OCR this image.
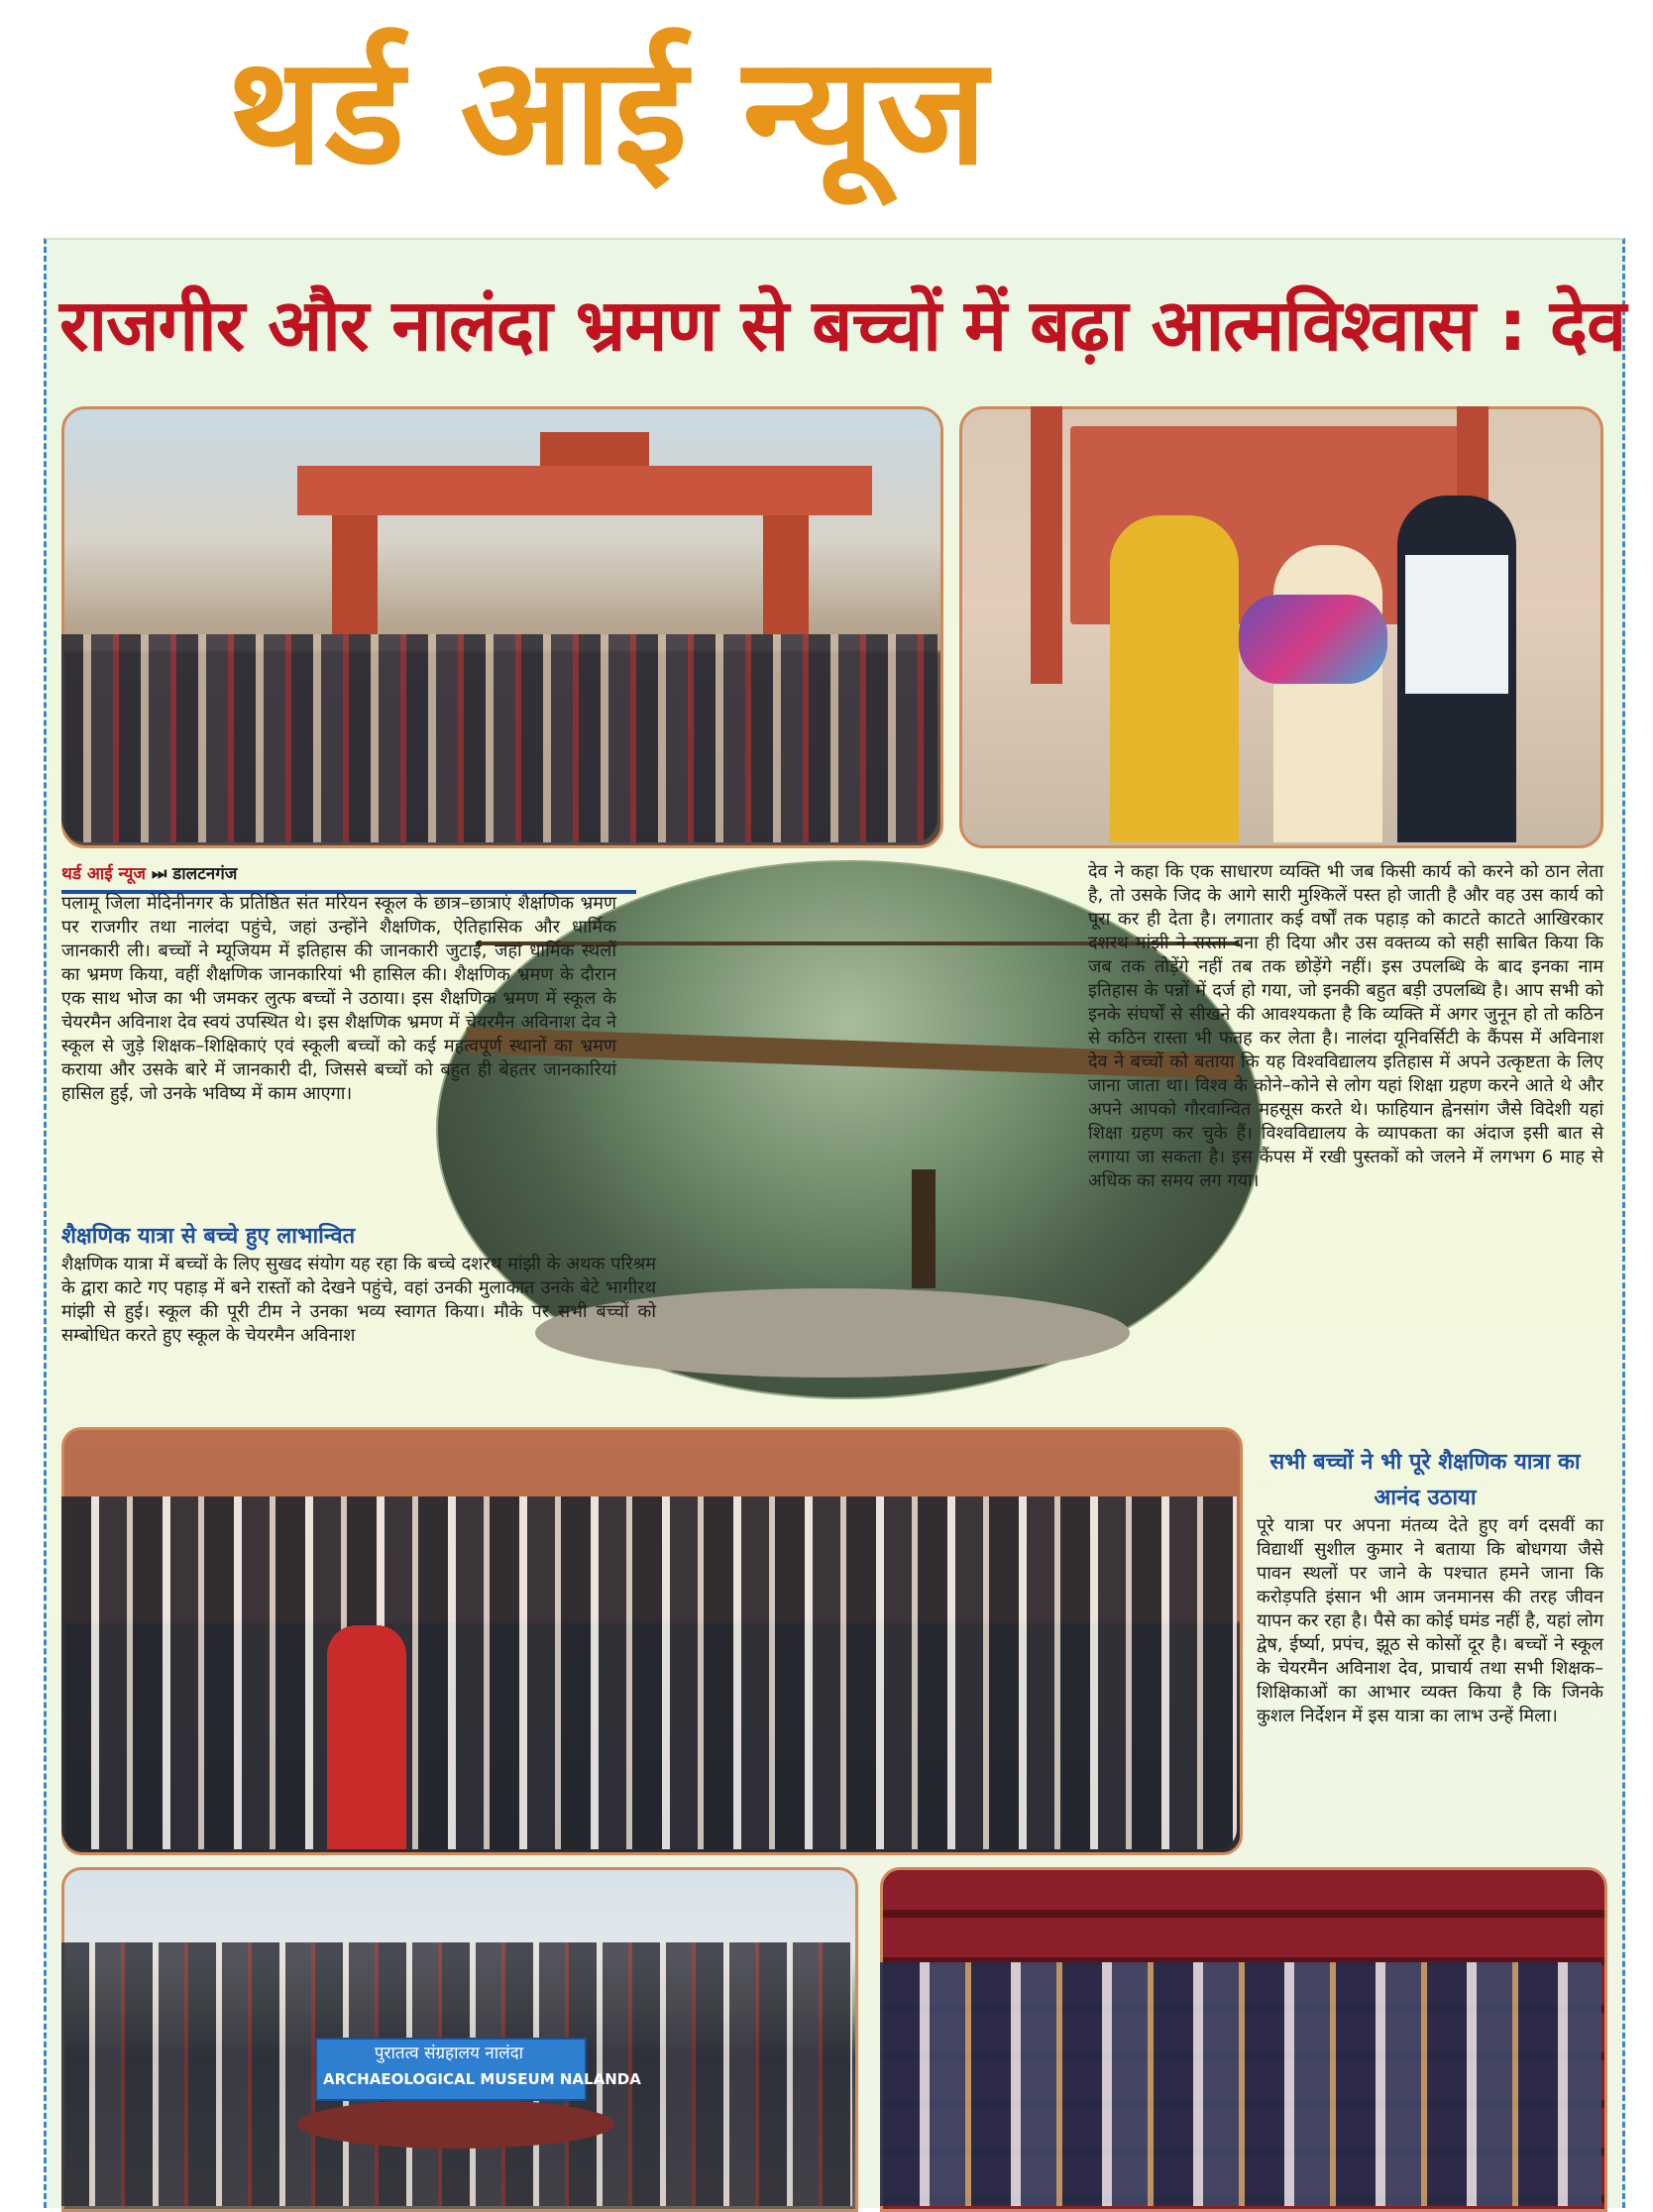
थर्ड आई न्यूज
राजगीर और नालंदा भ्रमण से बच्चों में बढ़ा आत्मविश्वास : देव
थर्ड आई न्यूज ⏭ डालटनगंज
पलामू जिला मेदिनीनगर के प्रतिष्ठित संत मरियन स्कूल के छात्र–छात्राएं शैक्षणिक भ्रमण पर राजगीर तथा नालंदा पहुंचे, जहां उन्होंने शैक्षणिक, ऐतिहासिक और धार्मिक जानकारी ली। बच्चों ने म्यूजियम में इतिहास की जानकारी जुटाई, जहां धार्मिक स्थलों का भ्रमण किया, वहीं शैक्षणिक जानकारियां भी हासिल की। शैक्षणिक भ्रमण के दौरान एक साथ भोज का भी जमकर लुत्फ बच्चों ने उठाया। इस शैक्षणिक भ्रमण में स्कूल के चेयरमैन अविनाश देव स्वयं उपस्थित थे। इस शैक्षणिक भ्रमण में चेयरमैन अविनाश देव ने स्कूल से जुड़े शिक्षक–शिक्षिकाएं एवं स्कूली बच्चों को कई महत्वपूर्ण स्थानों का भ्रमण कराया और उसके बारे में जानकारी दी, जिससे बच्चों को बहुत ही बेहतर जानकारियां हासिल हुई, जो उनके भविष्य में काम आएगा।
शैक्षणिक यात्रा से बच्चे हुए लाभान्वित
शैक्षणिक यात्रा में बच्चों के लिए सुखद संयोग यह रहा कि बच्चे दशरथ मांझी के अथक परिश्रम के द्वारा काटे गए पहाड़ में बने रास्तों को देखने पहुंचे, वहां उनकी मुलाकात उनके बेटे भागीरथ मांझी से हुई। स्कूल की पूरी टीम ने उनका भव्य स्वागत किया। मौके पर सभी बच्चों को सम्बोधित करते हुए स्कूल के चेयरमैन अविनाश
देव ने कहा कि एक साधारण व्यक्ति भी जब किसी कार्य को करने को ठान लेता है, तो उसके जिद के आगे सारी मुश्किलें पस्त हो जाती है और वह उस कार्य को पूरा कर ही देता है। लगातार कई वर्षों तक पहाड़ को काटते काटते आखिरकार दशरथ मांझी ने रास्ता बना ही दिया और उस वक्तव्य को सही साबित किया कि जब तक तोड़ेंगे नहीं तब तक छोड़ेंगे नहीं। इस उपलब्धि के बाद इनका नाम इतिहास के पन्नों में दर्ज हो गया, जो इनकी बहुत बड़ी उपलब्धि है। आप सभी को इनके संघर्षों से सीखने की आवश्यकता है कि व्यक्ति में अगर जुनून हो तो कठिन से कठिन रास्ता भी फतह कर लेता है। नालंदा यूनिवर्सिटी के कैंपस में अविनाश देव ने बच्चों को बताया कि यह विश्वविद्यालय इतिहास में अपने उत्कृष्टता के लिए जाना जाता था। विश्व के कोने–कोने से लोग यहां शिक्षा ग्रहण करने आते थे और अपने आपको गौरवान्वित महसूस करते थे। फाहियान ह्वेनसांग जैसे विदेशी यहां शिक्षा ग्रहण कर चुके हैं। विश्वविद्यालय के व्यापकता का अंदाज इसी बात से लगाया जा सकता है। इस कैंपस में रखी पुस्तकों को जलने में लगभग 6 माह से अधिक का समय लग गया।
सभी बच्चों ने भी पूरे शैक्षणिक यात्रा का आनंद उठाया
पूरे यात्रा पर अपना मंतव्य देते हुए वर्ग दसवीं का विद्यार्थी सुशील कुमार ने बताया कि बोधगया जैसे पावन स्थलों पर जाने के पश्चात हमने जाना कि करोड़पति इंसान भी आम जनमानस की तरह जीवन यापन कर रहा है। पैसे का कोई घमंड नहीं है, यहां लोग द्वेष, ईर्ष्या, प्रपंच, झूठ से कोसों दूर है। बच्चों ने स्कूल के चेयरमैन अविनाश देव, प्राचार्य तथा सभी शिक्षक–शिक्षिकाओं का आभार व्यक्त किया है कि जिनके कुशल निर्देशन में इस यात्रा का लाभ उन्हें मिला।
पुरातत्व संग्रहालय नालंदा
ARCHAEOLOGICAL MUSEUM NALANDA
